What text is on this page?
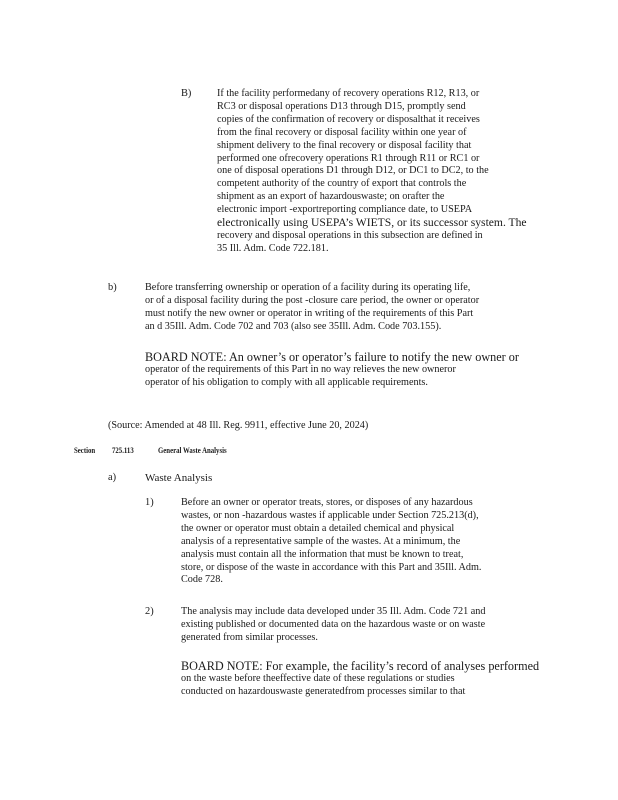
B)	If the facility performedany of recovery operations R12, R13, or
RC3 or disposal operations D13 through D15, promptly send
copies of the confirmation of recovery or disposalthat it receives
from the final recovery or disposal facility within one year of
shipment delivery to the final recovery or disposal facility that
performed one ofrecovery operations R1 through R11 or RC1 or
one of disposal operations D1 through D12, or DC1 to DC2, to the
competent authority of the country of export that controls the
shipment as an export of hazardouswaste; on orafter the
electronic import -exportreporting compliance date, to USEPA
electronically using USEPA’s WIETS, or its successor system. The
recovery and disposal operations in this subsection are defined in
35 Ill. Adm. Code 722.181.
b)	Before transferring ownership or operation of a facility during its operating life,
or of a disposal facility during the post -closure care period, the owner or operator
must notify the new owner or operator in writing of the requirements of this Part
an d 35Ill. Adm. Code 702 and 703 (also see 35Ill. Adm. Code 703.155).
BOARD NOTE: An owner’s or operator’s failure to notify the new owner or
operator of the requirements of this Part in no way relieves the new owneror
operator of his obligation to comply with all applicable requirements.
(Source: Amended at 48 Ill. Reg. 9911, effective June 20, 2024)
Section 725.113	General Waste Analysis
a)	Waste Analysis
1)	Before an owner or operator treats, stores, or disposes of any hazardous
wastes, or non -hazardous wastes if applicable under Section 725.213(d),
the owner or operator must obtain a detailed chemical and physical
analysis of a representative sample of the wastes. At a minimum, the
analysis must contain all the information that must be known to treat,
store, or dispose of the waste in accordance with this Part and 35Ill. Adm.
Code 728.
2)	The analysis may include data developed under 35 Ill. Adm. Code 721 and
existing published or documented data on the hazardous waste or on waste
generated from similar processes.
BOARD NOTE: For example, the facility’s record of analyses performed
on the waste before theeffective date of these regulations or studies
conducted on hazardouswaste generatedfrom processes similar to that
